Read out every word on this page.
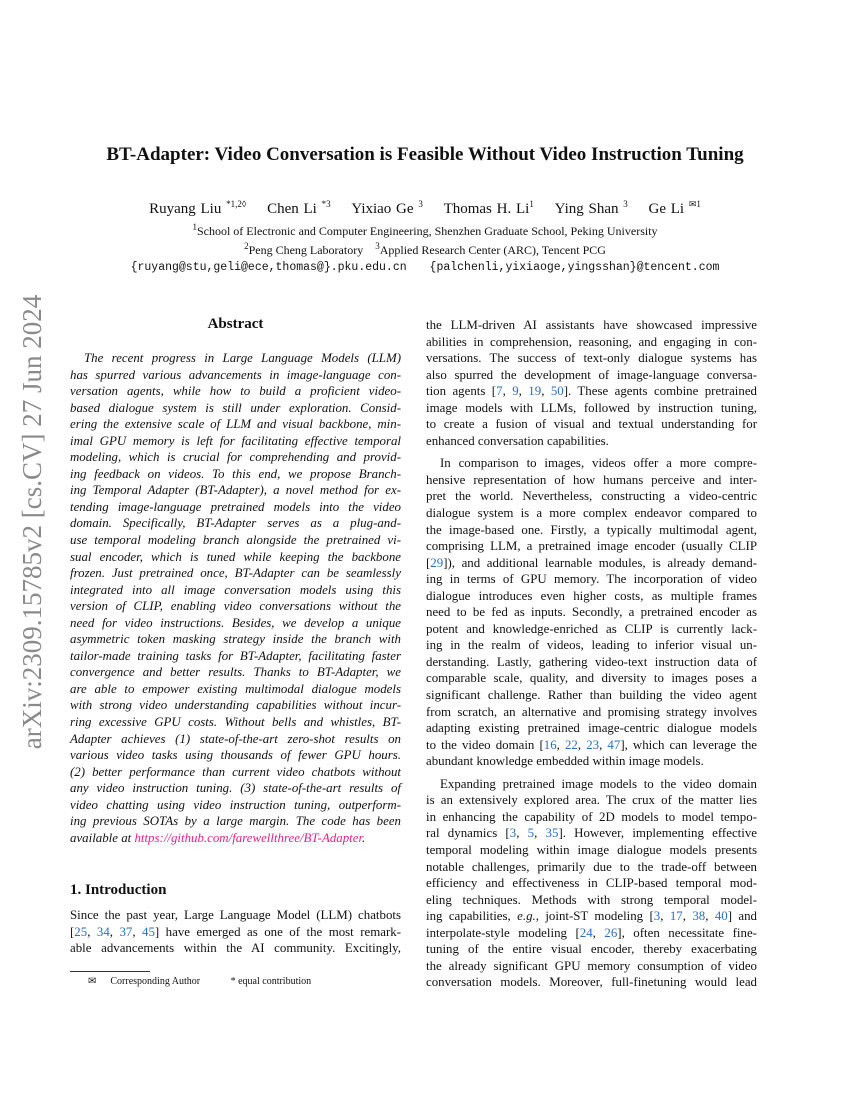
arXiv:2309.15785v2 [cs.CV] 27 Jun 2024
BT-Adapter: Video Conversation is Feasible Without Video Instruction Tuning
Ruyang Liu $^{*1,2◊}$ Chen Li $^{*3}$ Yixiao Ge $^3$ Thomas H. Li$^1$ Ying Shan $^3$ Ge Li $^{✉1}$
$^1$School of Electronic and Computer Engineering, Shenzhen Graduate School, Peking University
$^2$Peng Cheng Laboratory $^3$Applied Research Center (ARC), Tencent PCG
{ruyang@stu,geli@ece,thomas@}.pku.edu.cn {palchenli,yixiaoge,yingsshan}@tencent.com
Abstract
The recent progress in Large Language Models (LLM)
has spurred various advancements in image-language con-
versation agents, while how to build a proficient video-
based dialogue system is still under exploration. Consid-
ering the extensive scale of LLM and visual backbone, min-
imal GPU memory is left for facilitating effective temporal
modeling, which is crucial for comprehending and provid-
ing feedback on videos. To this end, we propose Branch-
ing Temporal Adapter (BT-Adapter), a novel method for ex-
tending image-language pretrained models into the video
domain. Specifically, BT-Adapter serves as a plug-and-
use temporal modeling branch alongside the pretrained vi-
sual encoder, which is tuned while keeping the backbone
frozen. Just pretrained once, BT-Adapter can be seamlessly
integrated into all image conversation models using this
version of CLIP, enabling video conversations without the
need for video instructions. Besides, we develop a unique
asymmetric token masking strategy inside the branch with
tailor-made training tasks for BT-Adapter, facilitating faster
convergence and better results. Thanks to BT-Adapter, we
are able to empower existing multimodal dialogue models
with strong video understanding capabilities without incur-
ring excessive GPU costs. Without bells and whistles, BT-
Adapter achieves (1) state-of-the-art zero-shot results on
various video tasks using thousands of fewer GPU hours.
(2) better performance than current video chatbots without
any video instruction tuning. (3) state-of-the-art results of
video chatting using video instruction tuning, outperform-
ing previous SOTAs by a large margin. The code has been
available at https://github.com/farewellthree/BT-Adapter.
1. Introduction
Since the past year, Large Language Model (LLM) chatbots
[25, 34, 37, 45] have emerged as one of the most remark-
able advancements within the AI community. Excitingly,
✉ Corresponding Author	* equal contribution
the LLM-driven AI assistants have showcased impressive
abilities in comprehension, reasoning, and engaging in con-
versations. The success of text-only dialogue systems has
also spurred the development of image-language conversa-
tion agents [7, 9, 19, 50]. These agents combine pretrained
image models with LLMs, followed by instruction tuning,
to create a fusion of visual and textual understanding for
enhanced conversation capabilities.
In comparison to images, videos offer a more compre-
hensive representation of how humans perceive and inter-
pret the world. Nevertheless, constructing a video-centric
dialogue system is a more complex endeavor compared to
the image-based one. Firstly, a typically multimodal agent,
comprising LLM, a pretrained image encoder (usually CLIP
[29]), and additional learnable modules, is already demand-
ing in terms of GPU memory. The incorporation of video
dialogue introduces even higher costs, as multiple frames
need to be fed as inputs. Secondly, a pretrained encoder as
potent and knowledge-enriched as CLIP is currently lack-
ing in the realm of videos, leading to inferior visual un-
derstanding. Lastly, gathering video-text instruction data of
comparable scale, quality, and diversity to images poses a
significant challenge. Rather than building the video agent
from scratch, an alternative and promising strategy involves
adapting existing pretrained image-centric dialogue models
to the video domain [16, 22, 23, 47], which can leverage the
abundant knowledge embedded within image models.
Expanding pretrained image models to the video domain
is an extensively explored area. The crux of the matter lies
in enhancing the capability of 2D models to model tempo-
ral dynamics [3, 5, 35]. However, implementing effective
temporal modeling within image dialogue models presents
notable challenges, primarily due to the trade-off between
efficiency and effectiveness in CLIP-based temporal mod-
eling techniques. Methods with strong temporal model-
ing capabilities, e.g., joint-ST modeling [3, 17, 38, 40] and
interpolate-style modeling [24, 26], often necessitate fine-
tuning of the entire visual encoder, thereby exacerbating
the already significant GPU memory consumption of video
conversation models. Moreover, full-finetuning would lead
